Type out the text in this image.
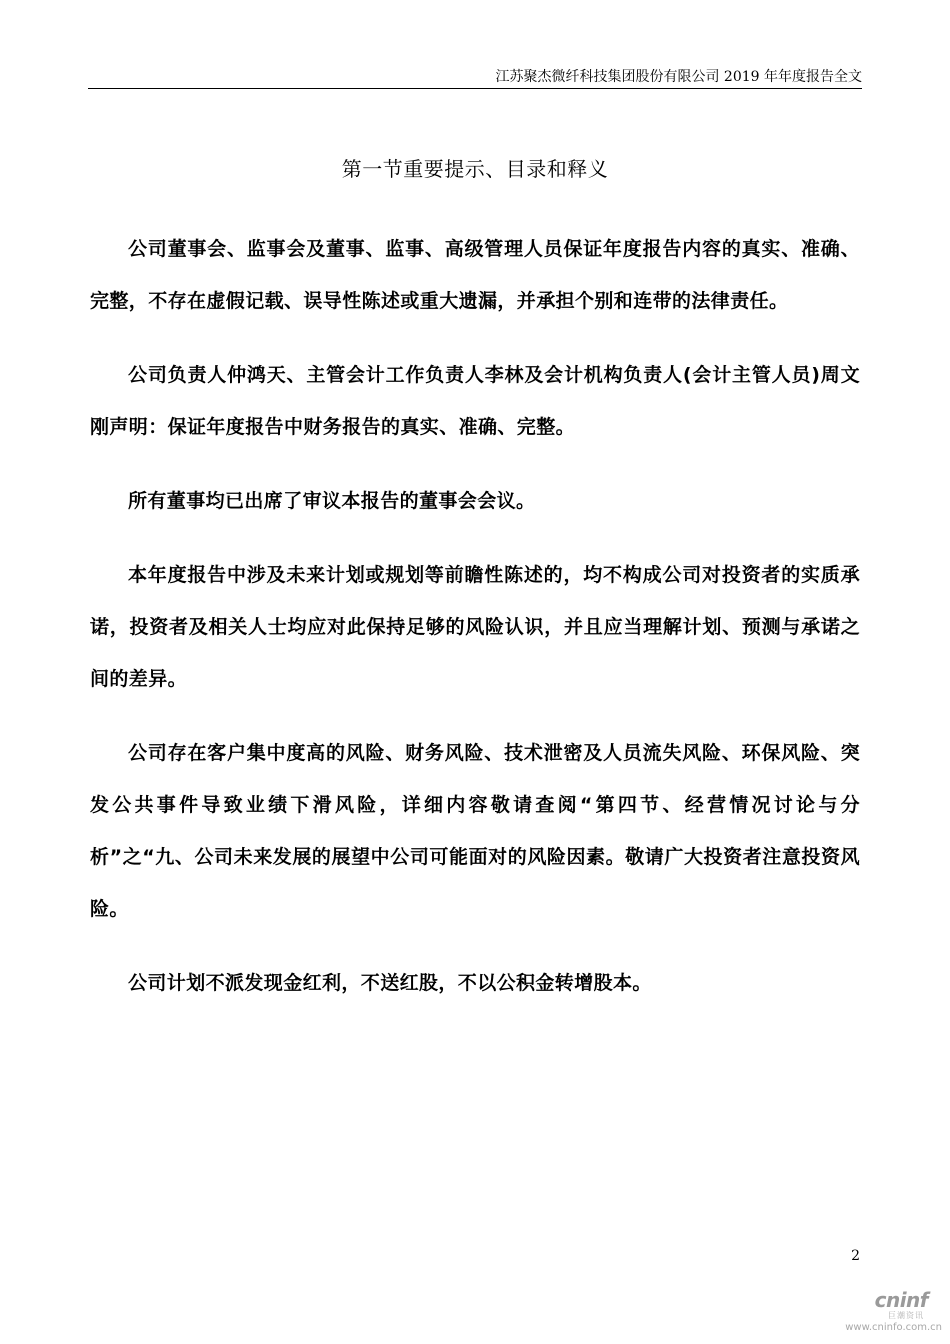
江苏聚杰微纤科技集团股份有限公司 2019 年年度报告全文
第一节重要提示、目录和释义

公司董事会、监事会及董事、监事、高级管理人员保证年度报告内容的真实、准确、完整，不存在虚假记载、误导性陈述或重大遗漏，并承担个别和连带的法律责任。

公司负责人仲鸿天、主管会计工作负责人李林及会计机构负责人(会计主管人员)周文刚声明：保证年度报告中财务报告的真实、准确、完整。

所有董事均已出席了审议本报告的董事会会议。

本年度报告中涉及未来计划或规划等前瞻性陈述的，均不构成公司对投资者的实质承诺，投资者及相关人士均应对此保持足够的风险认识，并且应当理解计划、预测与承诺之间的差异。

公司存在客户集中度高的风险、财务风险、技术泄密及人员流失风险、环保风险、突发公共事件导致业绩下滑风险，详细内容敬请查阅“第四节、经营情况讨论与分析”之“九、公司未来发展的展望中公司可能面对的风险因素。敬请广大投资者注意投资风险。

公司计划不派发现金红利，不送红股，不以公积金转增股本。

2
cninf
巨潮资讯
www.cninfo.com.cn
